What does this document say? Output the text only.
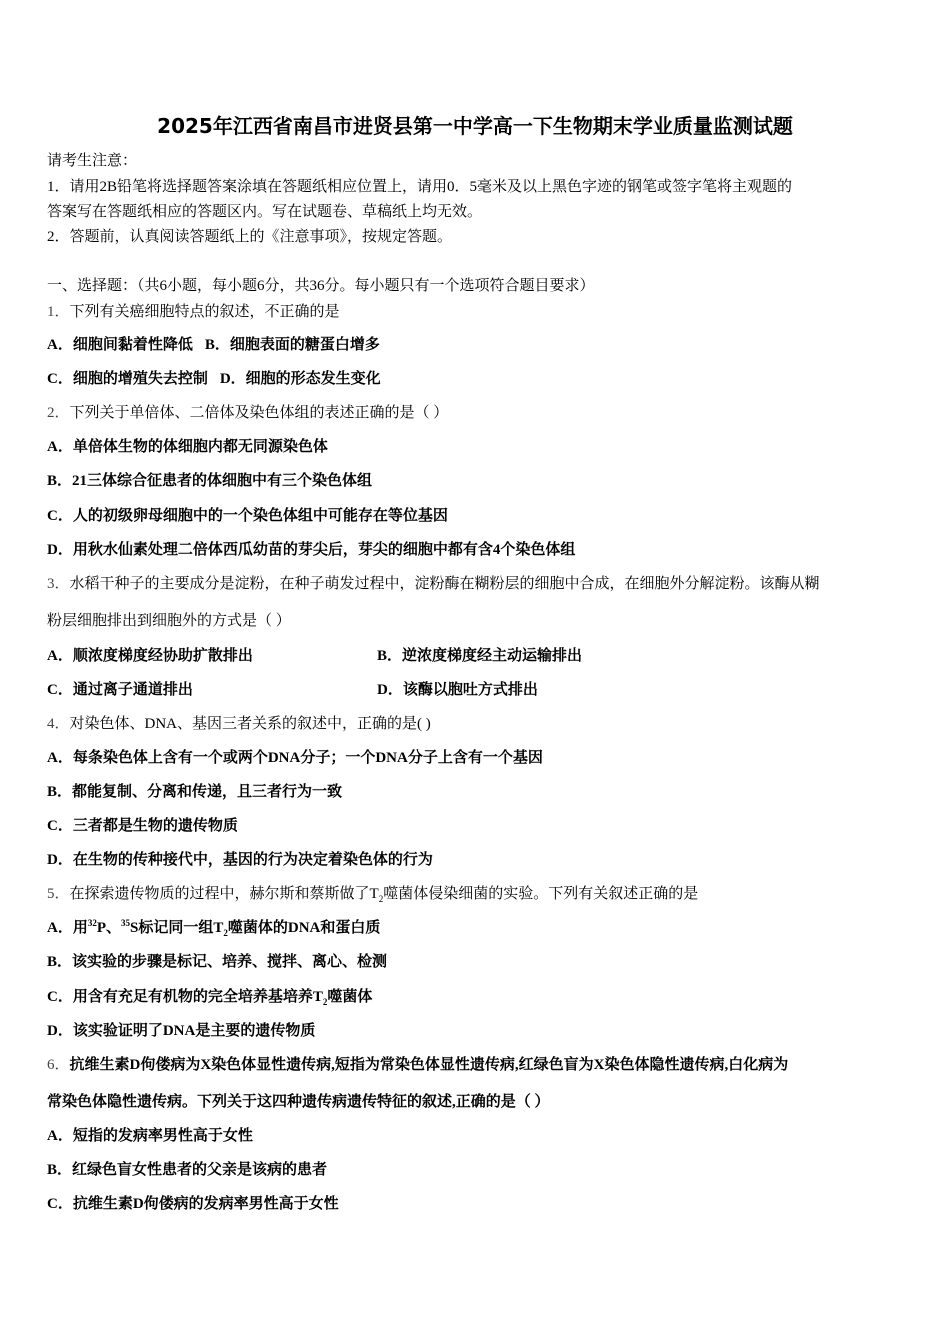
2025年江西省南昌市进贤县第一中学高一下生物期末学业质量监测试题
请考生注意：
1．请用2B铅笔将选择题答案涂填在答题纸相应位置上，请用0．5毫米及以上黑色字迹的钢笔或签字笔将主观题的
答案写在答题纸相应的答题区内。写在试题卷、草稿纸上均无效。
2．答题前，认真阅读答题纸上的《注意事项》，按规定答题。
一、选择题：（共6小题，每小题6分，共36分。每小题只有一个选项符合题目要求）
1．下列有关癌细胞特点的叙述，不正确的是
A．细胞间黏着性降低 B．细胞表面的糖蛋白增多
C．细胞的增殖失去控制 D．细胞的形态发生变化
2．下列关于单倍体、二倍体及染色体组的表述正确的是（ ）
A．单倍体生物的体细胞内都无同源染色体
B．21三体综合征患者的体细胞中有三个染色体组
C．人的初级卵母细胞中的一个染色体组中可能存在等位基因
D．用秋水仙素处理二倍体西瓜幼苗的芽尖后，芽尖的细胞中都有含4个染色体组
3．水稻干种子的主要成分是淀粉，在种子萌发过程中，淀粉酶在糊粉层的细胞中合成，在细胞外分解淀粉。该酶从糊
粉层细胞排出到细胞外的方式是（ ）
A．顺浓度梯度经协助扩散排出	B．逆浓度梯度经主动运输排出
C．通过离子通道排出	D．该酶以胞吐方式排出
4．对染色体、DNA、基因三者关系的叙述中，正确的是( )
A．每条染色体上含有一个或两个DNA分子；一个DNA分子上含有一个基因
B．都能复制、分离和传递，且三者行为一致
C．三者都是生物的遗传物质
D．在生物的传种接代中，基因的行为决定着染色体的行为
5．在探索遗传物质的过程中，赫尔斯和蔡斯做了$T_2$噬菌体侵染细菌的实验。下列有关叙述正确的是
A．用$^{32}$P、$^{35}$S标记同一组$T_2$噬菌体的DNA和蛋白质
B．该实验的步骤是标记、培养、搅拌、离心、检测
C．用含有充足有机物的完全培养基培养$T_2$噬菌体
D．该实验证明了DNA是主要的遗传物质
6．抗维生素D佝偻病为X染色体显性遗传病,短指为常染色体显性遗传病,红绿色盲为X染色体隐性遗传病,白化病为
常染色体隐性遗传病。下列关于这四种遗传病遗传特征的叙述,正确的是（ ）
A．短指的发病率男性高于女性
B．红绿色盲女性患者的父亲是该病的患者
C．抗维生素D佝偻病的发病率男性高于女性
